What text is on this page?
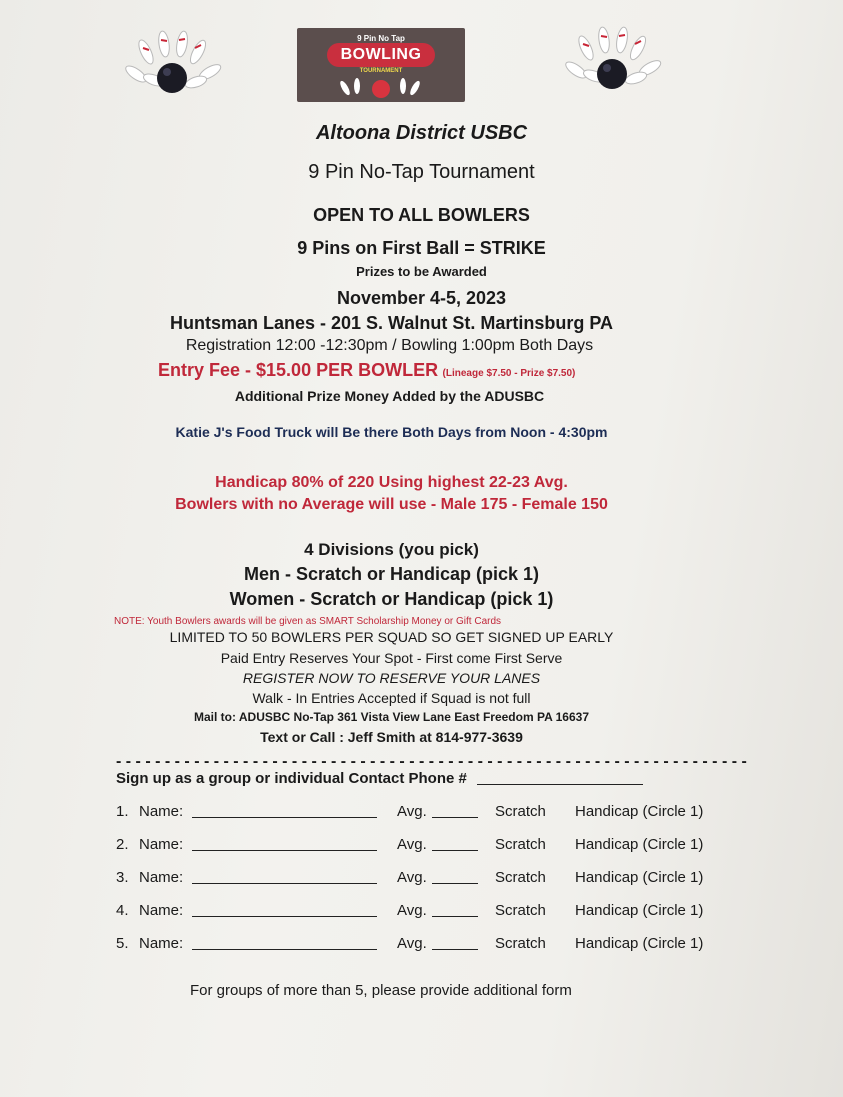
9 Pin No Tap
BOWLING
TOURNAMENT
Altoona District USBC
9 Pin No-Tap Tournament
OPEN TO ALL BOWLERS
9 Pins on First Ball = STRIKE
Prizes to be Awarded
November 4-5, 2023
Huntsman Lanes - 201 S. Walnut St. Martinsburg PA
Registration 12:00 -12:30pm / Bowling 1:00pm Both Days
Entry Fee - $15.00 PER BOWLER (Lineage $7.50 - Prize $7.50)
Additional Prize Money Added by the ADUSBC
Katie J's Food Truck will Be there Both Days from Noon - 4:30pm
Handicap 80% of 220 Using highest 22-23 Avg.
Bowlers with no Average will use - Male 175 - Female 150
4 Divisions (you pick)
Men - Scratch or Handicap (pick 1)
Women - Scratch or Handicap (pick 1)
NOTE: Youth Bowlers awards will be given as SMART Scholarship Money or Gift Cards
LIMITED TO 50 BOWLERS PER SQUAD SO GET SIGNED UP EARLY
Paid Entry Reserves Your Spot - First come First Serve
REGISTER NOW TO RESERVE YOUR LANES
Walk - In Entries Accepted if Squad is not full
Mail to: ADUSBC No-Tap 361 Vista View Lane East Freedom PA 16637
Text or Call : Jeff Smith at 814-977-3639
- - - - - - - - - - - - - - - - - - - - - - - - - - - - - - - - - - - - - - - - - - - - - - - - - - - - - - - - - - - - - - - - -
Sign up as a group or individual Contact Phone #
1. Name:	Avg.	Scratch Handicap (Circle 1)
2. Name:	Avg.	Scratch Handicap (Circle 1)
3. Name:	Avg.	Scratch Handicap (Circle 1)
4. Name:	Avg.	Scratch Handicap (Circle 1)
5. Name:	Avg.	Scratch Handicap (Circle 1)
For groups of more than 5, please provide additional form
